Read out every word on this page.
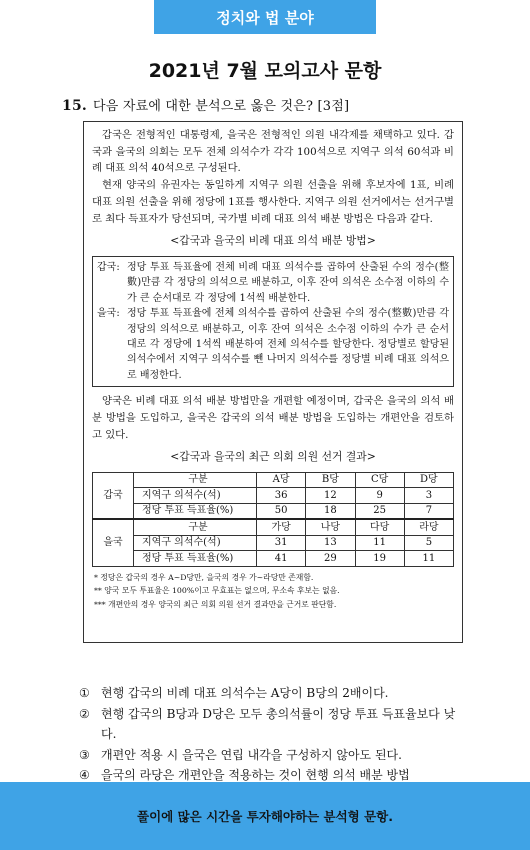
정치와 법 분야
2021년 7월 모의고사 문항
15. 다음 자료에 대한 분석으로 옳은 것은? [3점]

갑국은 전형적인 대통령제, 을국은 전형적인 의원 내각제를 채택하고 있다. 갑국과 을국의 의회는 모두 전체 의석수가 각각 100석으로 지역구 의석 60석과 비례 대표 의석 40석으로 구성된다.

현재 양국의 유권자는 동일하게 지역구 의원 선출을 위해 후보자에 1표, 비례 대표 의원 선출을 위해 정당에 1표를 행사한다. 지역구 의원 선거에서는 선거구별로 최다 득표자가 당선되며, 국가별 비례 대표 의석 배분 방법은 다음과 같다.

<갑국과 을국의 비례 대표 의석 배분 방법>
갑국: 정당 투표 득표율에 전체 비례 대표 의석수를 곱하여 산출된 수의 정수(整數)만큼 각 정당의 의석으로 배분하고, 이후 잔여 의석은 소수점 이하의 수가 큰 순서대로 각 정당에 1석씩 배분한다.
을국: 정당 투표 득표율에 전체 의석수를 곱하여 산출된 수의 정수(整數)만큼 각 정당의 의석으로 배분하고, 이후 잔여 의석은 소수점 이하의 수가 큰 순서대로 각 정당에 1석씩 배분하여 전체 의석수를 할당한다. 정당별로 할당된 의석수에서 지역구 의석수를 뺀 나머지 의석수를 정당별 비례 대표 의석으로 배정한다.

양국은 비례 대표 의석 배분 방법만을 개편할 예정이며, 갑국은 을국의 의석 배분 방법을 도입하고, 을국은 갑국의 의석 배분 방법을 도입하는 개편안을 검토하고 있다.

<갑국과 을국의 최근 의회 의원 선거 결과>
갑국	구분	A당	B당	C당	D당
	지역구 의석수(석)	36	12	9	3
	정당 투표 득표율(%)	50	18	25	7
을국	구분	가당	나당	다당	라당
	지역구 의석수(석)	31	13	11	5
	정당 투표 득표율(%)	41	29	19	11
* 정당은 갑국의 경우 A~D당만, 을국의 경우 가~라당만 존재함.
** 양국 모두 투표율은 100%이고 무효표는 없으며, 무소속 후보는 없음.
*** 개편안의 경우 양국의 최근 의회 의원 선거 결과만을 근거로 판단함.
① 현행 갑국의 비례 대표 의석수는 A당이 B당의 2배이다.
② 현행 갑국의 B당과 D당은 모두 총의석률이 정당 투표 득표율보다 낮다.
③ 개편안 적용 시 을국은 연립 내각을 구성하지 않아도 된다.
④ 을국의 라당은 개편안을 적용하는 것이 현행 의석 배분 방법
풀이에 많은 시간을 투자해야하는 분석형 문항.
